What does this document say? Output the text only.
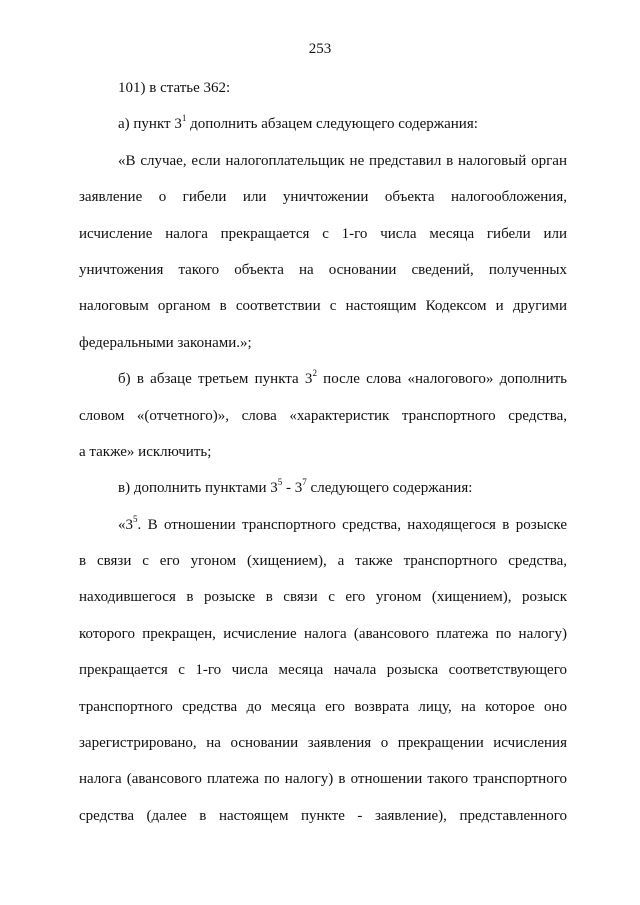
253
101) в статье 362:
а) пункт $3^1$ дополнить абзацем следующего содержания:
«В случае, если налогоплательщик не представил в налоговый орган
заявление о гибели или уничтожении объекта налогообложения,
исчисление налога прекращается с 1-го числа месяца гибели или
уничтожения такого объекта на основании сведений, полученных
налоговым органом в соответствии с настоящим Кодексом и другими
федеральными законами.»;
б) в абзаце третьем пункта $3^2$ после слова «налогового» дополнить
словом «(отчетного)», слова «характеристик транспортного средства,
а также» исключить;
в) дополнить пунктами $3^5 - 3^7$ следующего содержания:
«$3^5$. В отношении транспортного средства, находящегося в розыске
в связи с его угоном (хищением), а также транспортного средства,
находившегося в розыске в связи с его угоном (хищением), розыск
которого прекращен, исчисление налога (авансового платежа по налогу)
прекращается с 1-го числа месяца начала розыска соответствующего
транспортного средства до месяца его возврата лицу, на которое оно
зарегистрировано, на основании заявления о прекращении исчисления
налога (авансового платежа по налогу) в отношении такого транспортного
средства (далее в настоящем пункте - заявление), представленного
